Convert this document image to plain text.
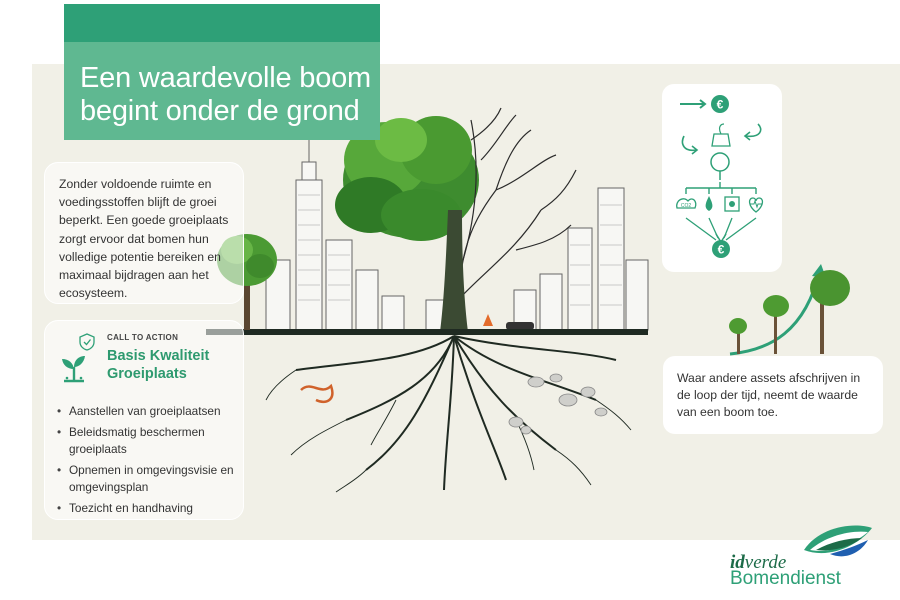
Een waardevolle boom
begint onder de grond

Zonder voldoende ruimte en voedingsstoffen blijft de groei beperkt. Een goede groeiplaats zorgt ervoor dat bomen hun volledige potentie bereiken en maximaal bijdragen aan het ecosysteem.

CALL TO ACTION
Basis Kwaliteit
Groeiplaats
• Aanstellen van groeiplaatsen
• Beleidsmatig beschermen groeiplaats
• Opnemen in omgevingsvisie en omgevingsplan
• Toezicht en handhaving
€
CO2
€

Waar andere assets afschrijven in de loop der tijd, neemt de waarde van een boom toe.

idverde
Bomendienst
